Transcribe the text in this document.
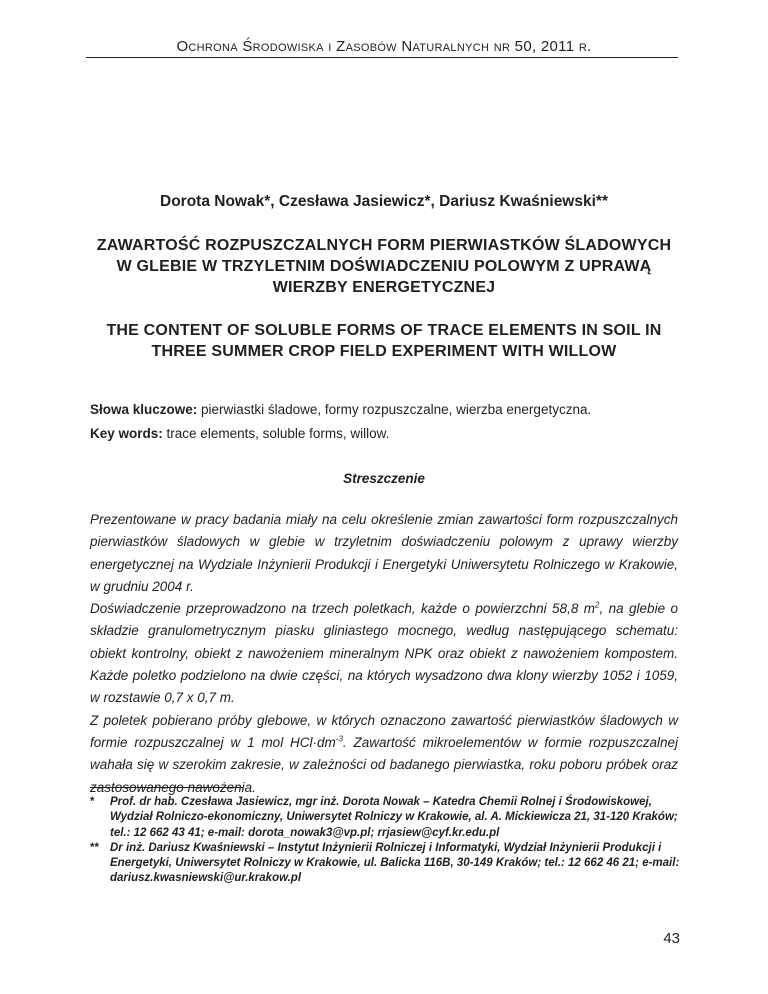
Ochrona Środowiska i Zasobów Naturalnych nr 50, 2011 r.
Dorota Nowak*, Czesława Jasiewicz*, Dariusz Kwaśniewski**
ZAWARTOŚĆ ROZPUSZCZALNYCH FORM PIERWIASTKÓW ŚLADOWYCH W GLEBIE W TRZYLETNIM DOŚWIADCZENIU POLOWYM Z UPRAWĄ WIERZBY ENERGETYCZNEJ
THE CONTENT OF SOLUBLE FORMS OF TRACE ELEMENTS IN SOIL IN THREE SUMMER CROP FIELD EXPERIMENT WITH WILLOW
Słowa kluczowe: pierwiastki śladowe, formy rozpuszczalne, wierzba energetyczna.
Key words: trace elements, soluble forms, willow.
Streszczenie

Prezentowane w pracy badania miały na celu określenie zmian zawartości form rozpuszczalnych pierwiastków śladowych w glebie w trzyletnim doświadczeniu polowym z uprawy wierzby energetycznej na Wydziale Inżynierii Produkcji i Energetyki Uniwersytetu Rolniczego w Krakowie, w grudniu 2004 r.

Doświadczenie przeprowadzono na trzech poletkach, każde o powierzchni 58,8 $m^2$, na glebie o składzie granulometrycznym piasku gliniastego mocnego, według następującego schematu: obiekt kontrolny, obiekt z nawożeniem mineralnym NPK oraz obiekt z nawożeniem kompostem. Każde poletko podzielono na dwie części, na których wysadzono dwa klony wierzby 1052 i 1059, w rozstawie 0,7 x 0,7 m.

Z poletek pobierano próby glebowe, w których oznaczono zawartość pierwiastków śladowych w formie rozpuszczalnej w 1 mol $HCl\cdot dm^{-3}$. Zawartość mikroelementów w formie rozpuszczalnej wahała się w szerokim zakresie, w zależności od badanego pierwiastka, roku poboru próbek oraz zastosowanego nawożenia.

*	Prof. dr hab. Czesława Jasiewicz, mgr inż. Dorota Nowak – Katedra Chemii Rolnej i Środowiskowej, Wydział Rolniczo-ekonomiczny, Uniwersytet Rolniczy w Krakowie, al. A. Mickiewicza 21, 31-120 Kraków; tel.: 12 662 43 41; e-mail: dorota_nowak3@vp.pl; rrjasiew@cyf.kr.edu.pl
** Dr inż. Dariusz Kwaśniewski – Instytut Inżynierii Rolniczej i Informatyki, Wydział Inżynierii Produkcji i Energetyki, Uniwersytet Rolniczy w Krakowie, ul. Balicka 116B, 30-149 Kraków; tel.: 12 662 46 21; e-mail: dariusz.kwasniewski@ur.krakow.pl
43
